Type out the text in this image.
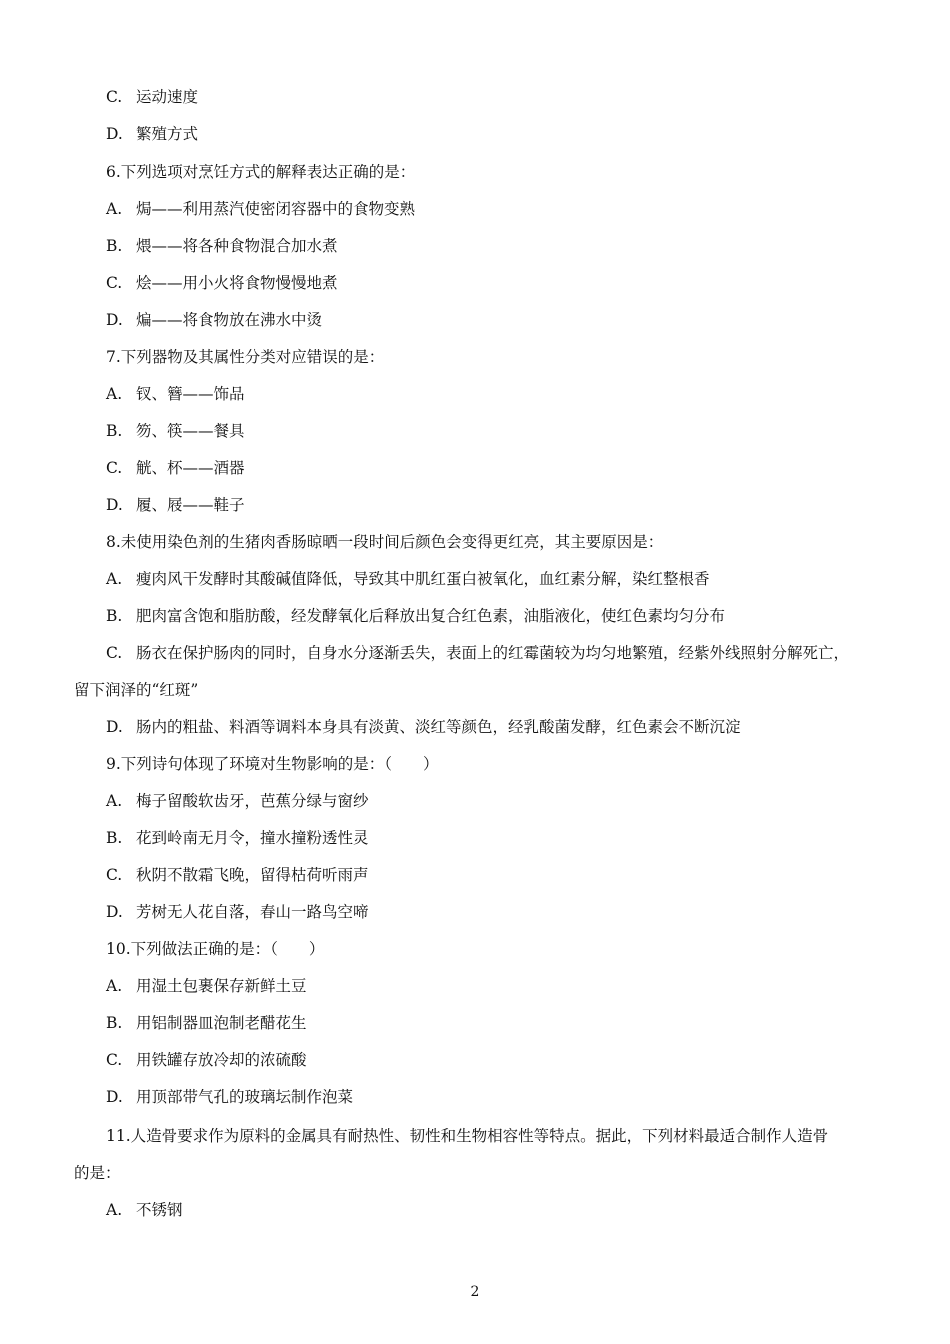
C. 运动速度
D. 繁殖方式
6.下列选项对烹饪方式的解释表达正确的是：
A. 焗——利用蒸汽使密闭容器中的食物变熟
B. 煨——将各种食物混合加水煮
C. 烩——用小火将食物慢慢地煮
D. 煸——将食物放在沸水中烫
7.下列器物及其属性分类对应错误的是：
A. 钗、簪——饰品
B. 笏、筷——餐具
C. 觥、杯——酒器
D. 履、屐——鞋子
8.未使用染色剂的生猪肉香肠晾晒一段时间后颜色会变得更红亮，其主要原因是：
A. 瘦肉风干发酵时其酸碱值降低，导致其中肌红蛋白被氧化，血红素分解，染红整根香
B. 肥肉富含饱和脂肪酸，经发酵氧化后释放出复合红色素，油脂液化，使红色素均匀分布
C. 肠衣在保护肠肉的同时，自身水分逐渐丢失，表面上的红霉菌较为均匀地繁殖，经紫外线照射分解死亡，
留下润泽的“红斑”
D. 肠内的粗盐、料酒等调料本身具有淡黄、淡红等颜色，经乳酸菌发酵，红色素会不断沉淀
9.下列诗句体现了环境对生物影响的是：（　　）
A. 梅子留酸软齿牙，芭蕉分绿与窗纱
B. 花到岭南无月令，撞水撞粉透性灵
C. 秋阴不散霜飞晚，留得枯荷听雨声
D. 芳树无人花自落，春山一路鸟空啼
10.下列做法正确的是：（　　）
A. 用湿土包裹保存新鲜土豆
B. 用铝制器皿泡制老醋花生
C. 用铁罐存放冷却的浓硫酸
D. 用顶部带气孔的玻璃坛制作泡菜
11.人造骨要求作为原料的金属具有耐热性、韧性和生物相容性等特点。据此，下列材料最适合制作人造骨
的是：
A. 不锈钢
2
